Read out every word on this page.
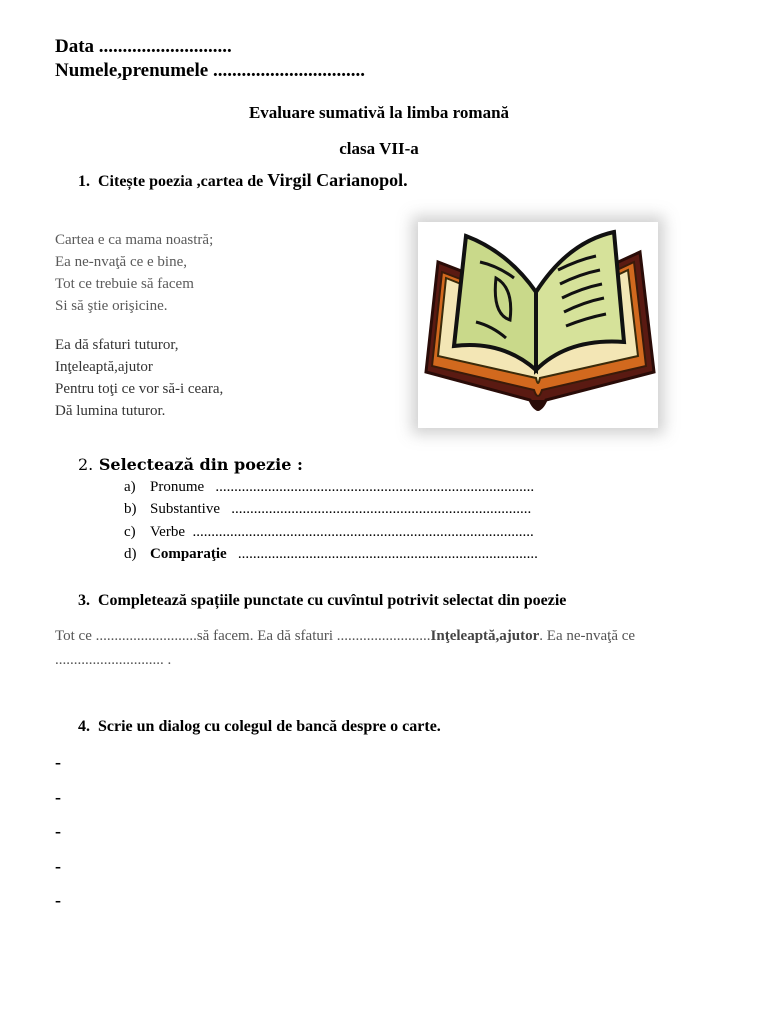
Data ............................
Numele,prenumele ................................
Evaluare sumativă la limba romană
clasa VII-a
1. Citește poezia ,cartea de Virgil Carianopol.
Cartea e ca mama noastră;
Ea ne-nvaţă ce e bine,
Tot ce trebuie să facem
Si să ştie orişicine.
Ea dă sfaturi tuturor,
Inţeleaptă,ajutor
Pentru toţi ce vor să-i ceara,
Dă lumina tuturor.
2. Selectează din poezie :
a) Pronume .....................................................................................
b) Substantive ................................................................................
c) Verbe ...........................................................................................
d) Comparaţie ................................................................................
3. Completează spațiile punctate cu cuvîntul potrivit selectat din poezie
Tot ce ...........................să facem. Ea dă sfaturi .........................Inţeleaptă,ajutor. Ea ne-nvaţă ce ............................. .
4. Scrie un dialog cu colegul de bancă despre o carte.
-
-
-
-
-
